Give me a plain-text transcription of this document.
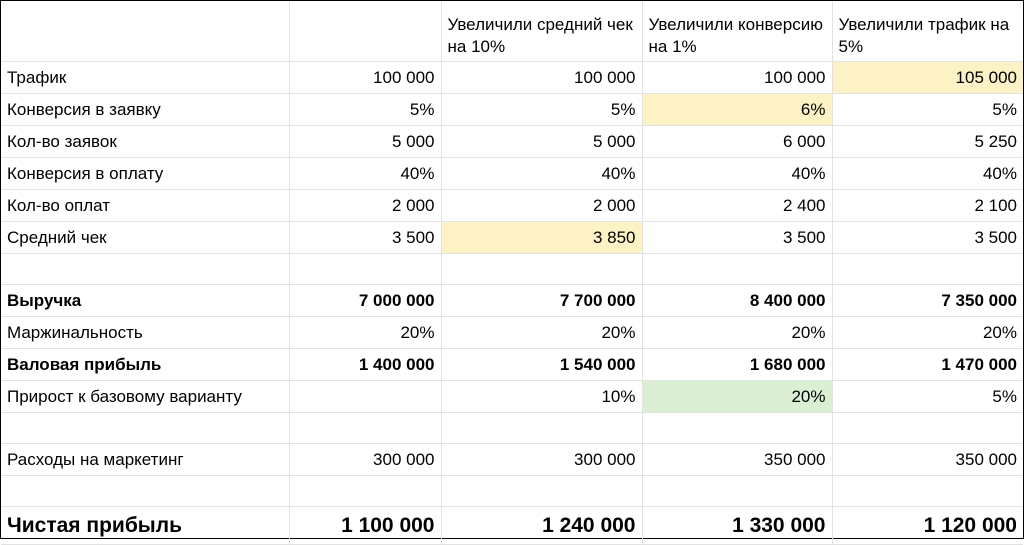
		Увеличили средний чек на 10%	Увеличили конверсию на 1%	Увеличили трафик на 5%
Трафик	100 000	100 000	100 000	105 000
Конверсия в заявку	5%	5%	6%	5%
Кол-во заявок	5 000	5 000	6 000	5 250
Конверсия в оплату	40%	40%	40%	40%
Кол-во оплат	2 000	2 000	2 400	2 100
Средний чек	3 500	3 850	3 500	3 500

Выручка	7 000 000	7 700 000	8 400 000	7 350 000
Маржинальность	20%	20%	20%	20%
Валовая прибыль	1 400 000	1 540 000	1 680 000	1 470 000
Прирост к базовому варианту		10%	20%	5%

Расходы на маркетинг	300 000	300 000	350 000	350 000

Чистая прибыль	1 100 000	1 240 000	1 330 000	1 120 000
